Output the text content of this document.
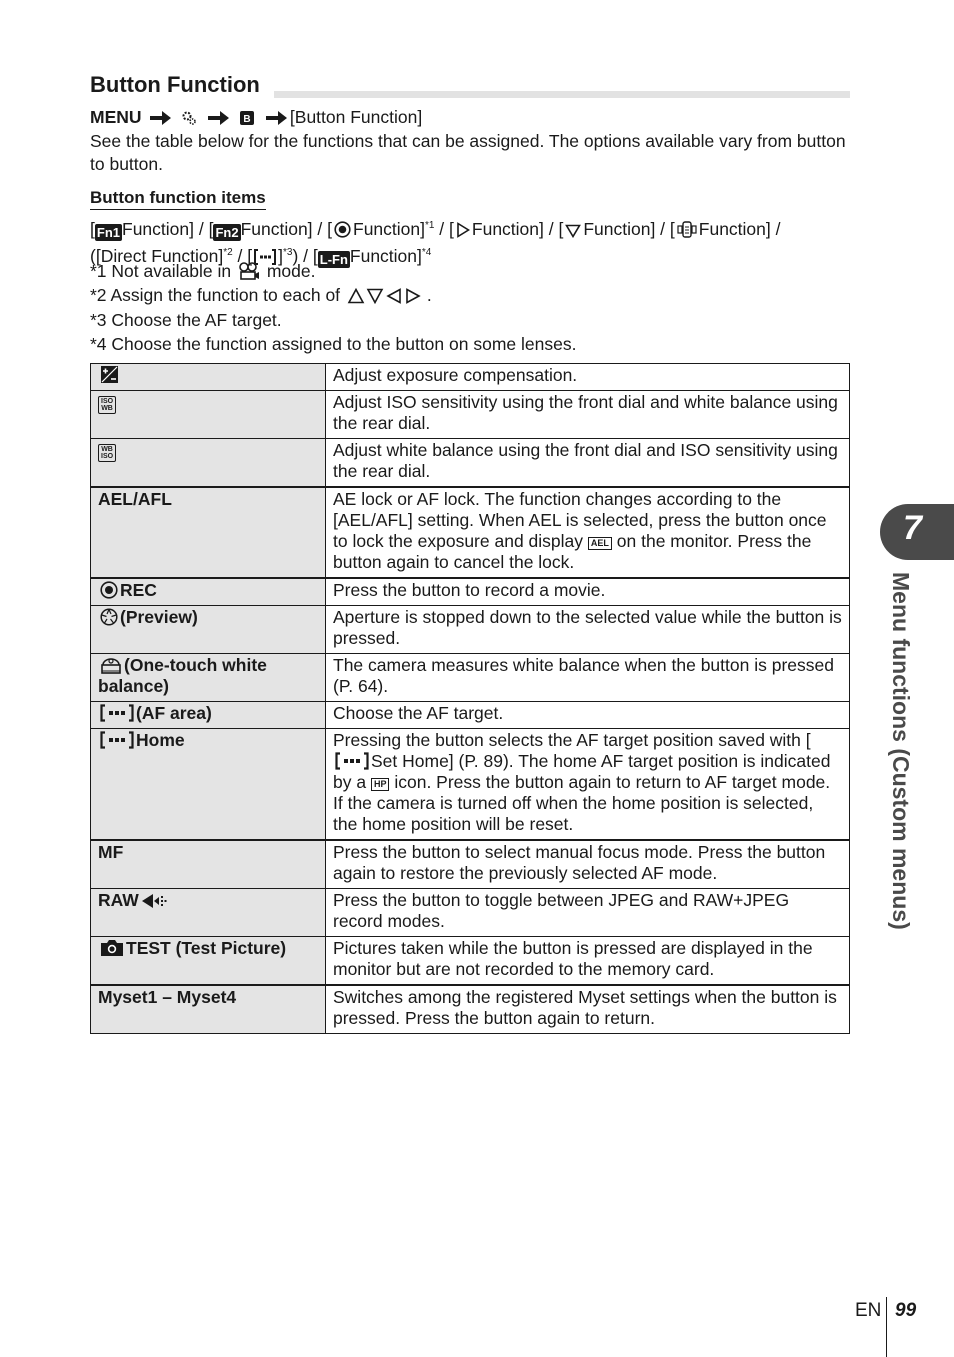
Button Function
MENU	B [Button Function]
See the table below for the functions that can be assigned. The options available vary from button to button.
Button function items
[ Fn1 Function] / [ Fn2 Function] / [ Function]$^{*1}$ / [ Function] / [ Function] / [ Function] /
([Direct Function]$^{*2}$ / [ ]$^{*3}$) / [ L-Fn Function]$^{*4}$
*1 Not available in mode.
*2 Assign the function to each of	.
*3 Choose the AF target.
*4 Choose the function assigned to the button on some lenses.
	Adjust exposure compensation.
ISO
WB	Adjust ISO sensitivity using the front dial and white balance using the rear dial.
WB
ISO	Adjust white balance using the front dial and ISO sensitivity using the rear dial.
AEL/AFL	AE lock or AF lock. The function changes according to the [AEL/AFL] setting. When AEL is selected, press the button once to lock the exposure and display AEL on the monitor. Press the button again to cancel the lock.
REC	Press the button to record a movie.
(Preview)	Aperture is stopped down to the selected value while the button is pressed.
(One-touch white balance)	The camera measures white balance when the button is pressed (P. 64).
(AF area)	Choose the AF target.
Home	Pressing the button selects the AF target position saved with [Set Home] (P. 89). The home AF target position is indicated by a HP icon. Press the button again to return to AF target mode. If the camera is turned off when the home position is selected, the home position will be reset.
MF	Press the button to select manual focus mode. Press the button again to restore the previously selected AF mode.
RAW	Press the button to toggle between JPEG and RAW+JPEG record modes.
TEST (Test Picture)	Pictures taken while the button is pressed are displayed in the monitor but are not recorded to the memory card.
Myset1 – Myset4	Switches among the registered Myset settings when the button is pressed. Press the button again to return.
7
Menu functions (Custom menus)
EN 99
